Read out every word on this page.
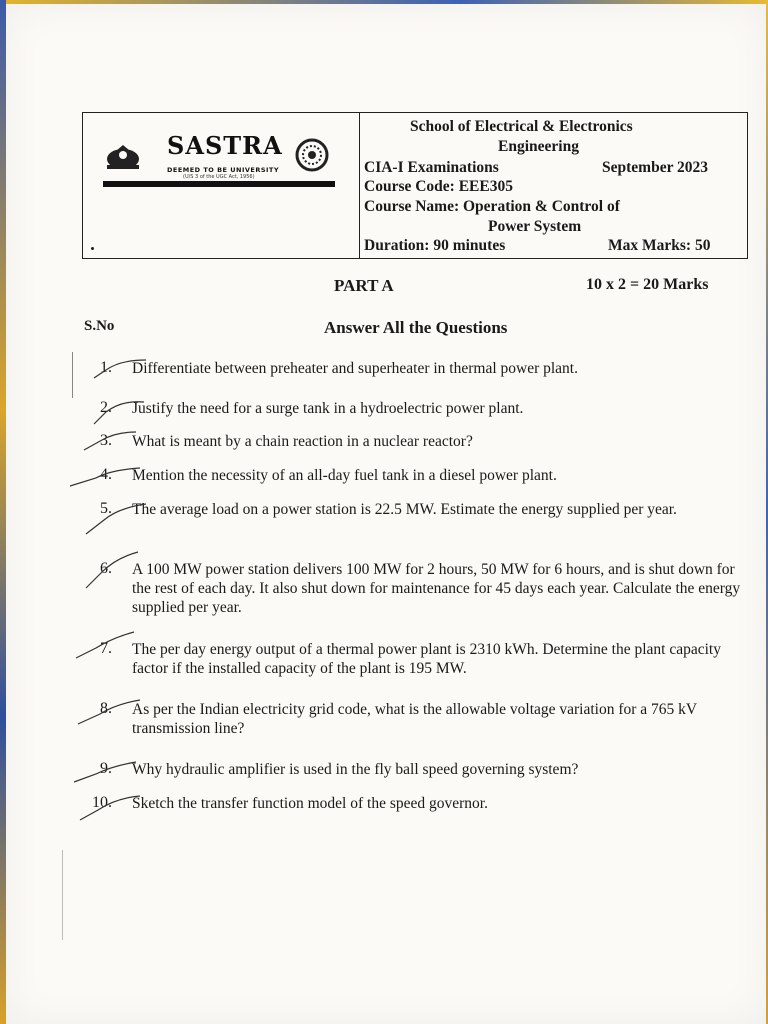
SASTRA
DEEMED TO BE UNIVERSITY
(U/S 3 of the UGC Act, 1956)
School of Electrical & Electronics
Engineering
CIA-I Examinations	September 2023
Course Code: EEE305
Course Name: Operation & Control of
Power System
Duration: 90 minutes	Max Marks: 50
PART A	10 x 2 = 20 Marks
S.No	Answer All the Questions
1. Differentiate between preheater and superheater in thermal power plant.
2. Justify the need for a surge tank in a hydroelectric power plant.
3. What is meant by a chain reaction in a nuclear reactor?
4. Mention the necessity of an all-day fuel tank in a diesel power plant.
5. The average load on a power station is 22.5 MW. Estimate the energy supplied per year.
6. A 100 MW power station delivers 100 MW for 2 hours, 50 MW for 6 hours, and is shut down for the rest of each day. It also shut down for maintenance for 45 days each year. Calculate the energy supplied per year.
7. The per day energy output of a thermal power plant is 2310 kWh. Determine the plant capacity factor if the installed capacity of the plant is 195 MW.
8. As per the Indian electricity grid code, what is the allowable voltage variation for a 765 kV transmission line?
9. Why hydraulic amplifier is used in the fly ball speed governing system?
10. Sketch the transfer function model of the speed governor.
